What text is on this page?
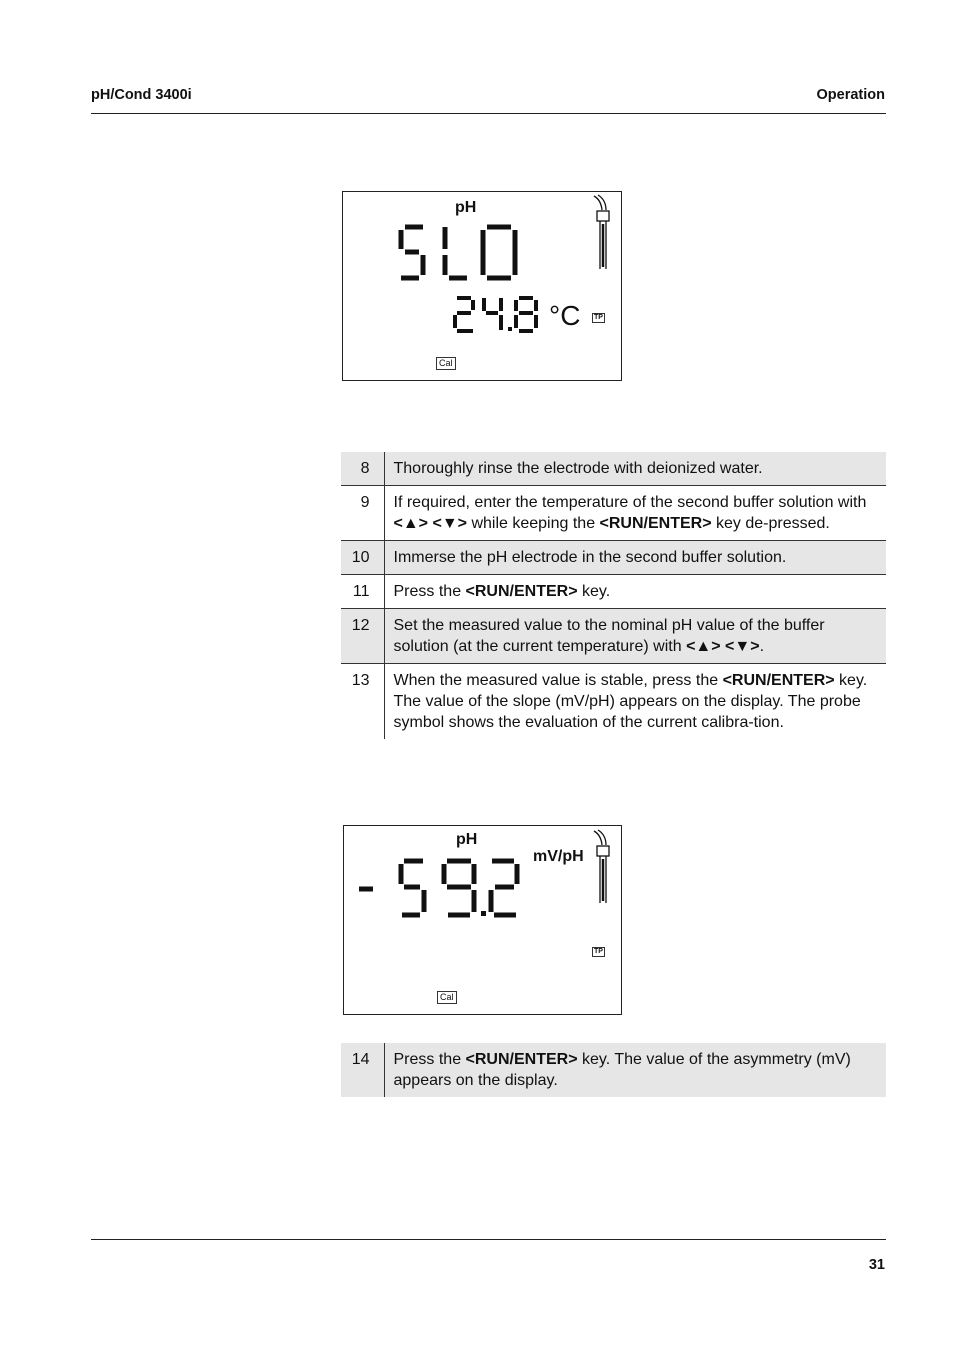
pH/Cond 3400i	Operation
pH
°C TP
Cal
8	Thoroughly rinse the electrode with deionized water.
9	If required, enter the temperature of the second buffer solution with <▲> <▼> while keeping the <RUN/ENTER> key de-pressed.
10	Immerse the pH electrode in the second buffer solution.
11	Press the <RUN/ENTER> key.
12	Set the measured value to the nominal pH value of the buffer solution (at the current temperature) with <▲> <▼>.
13	When the measured value is stable, press the <RUN/ENTER> key. The value of the slope (mV/pH) appears on the display. The probe symbol shows the evaluation of the current calibra-tion.
pH
mV/pH
TP
Cal
14	Press the <RUN/ENTER> key. The value of the asymmetry (mV) appears on the display.
31
